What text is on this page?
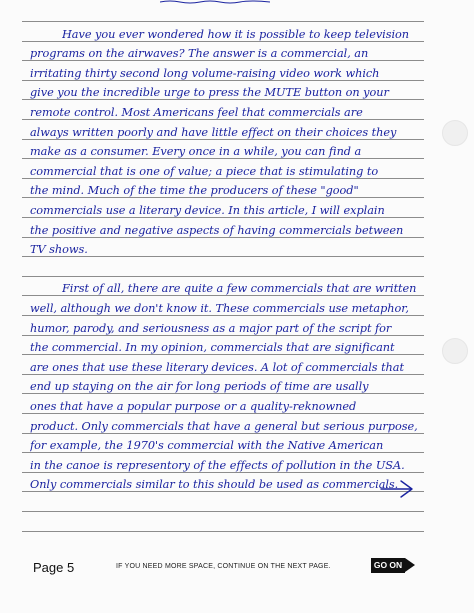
Have you ever wondered how it is possible to keep television
programs on the airwaves? The answer is a commercial, an
irritating thirty second long volume-raising video work which
give you the incredible urge to press the MUTE button on your
remote control. Most Americans feel that commercials are
always written poorly and have little effect on their choices they
make as a consumer. Every once in a while, you can find a
commercial that is one of value; a piece that is stimulating to
the mind. Much of the time the producers of these "good"
commercials use a literary device. In this article, I will explain
the positive and negative aspects of having commercials between
TV shows.
First of all, there are quite a few commercials that are written
well, although we don't know it. These commercials use metaphor,
humor, parody, and seriousness as a major part of the script for
the commercial. In my opinion, commercials that are significant
are ones that use these literary devices. A lot of commercials that
end up staying on the air for long periods of time are usally
ones that have a popular purpose or a quality-reknowned
product. Only commercials that have a general but serious purpose,
for example, the 1970's commercial with the Native American
in the canoe is representory of the effects of pollution in the USA.
Only commercials similar to this should be used as commercials.
Page 5	IF YOU NEED MORE SPACE, CONTINUE ON THE NEXT PAGE.	GO ON
